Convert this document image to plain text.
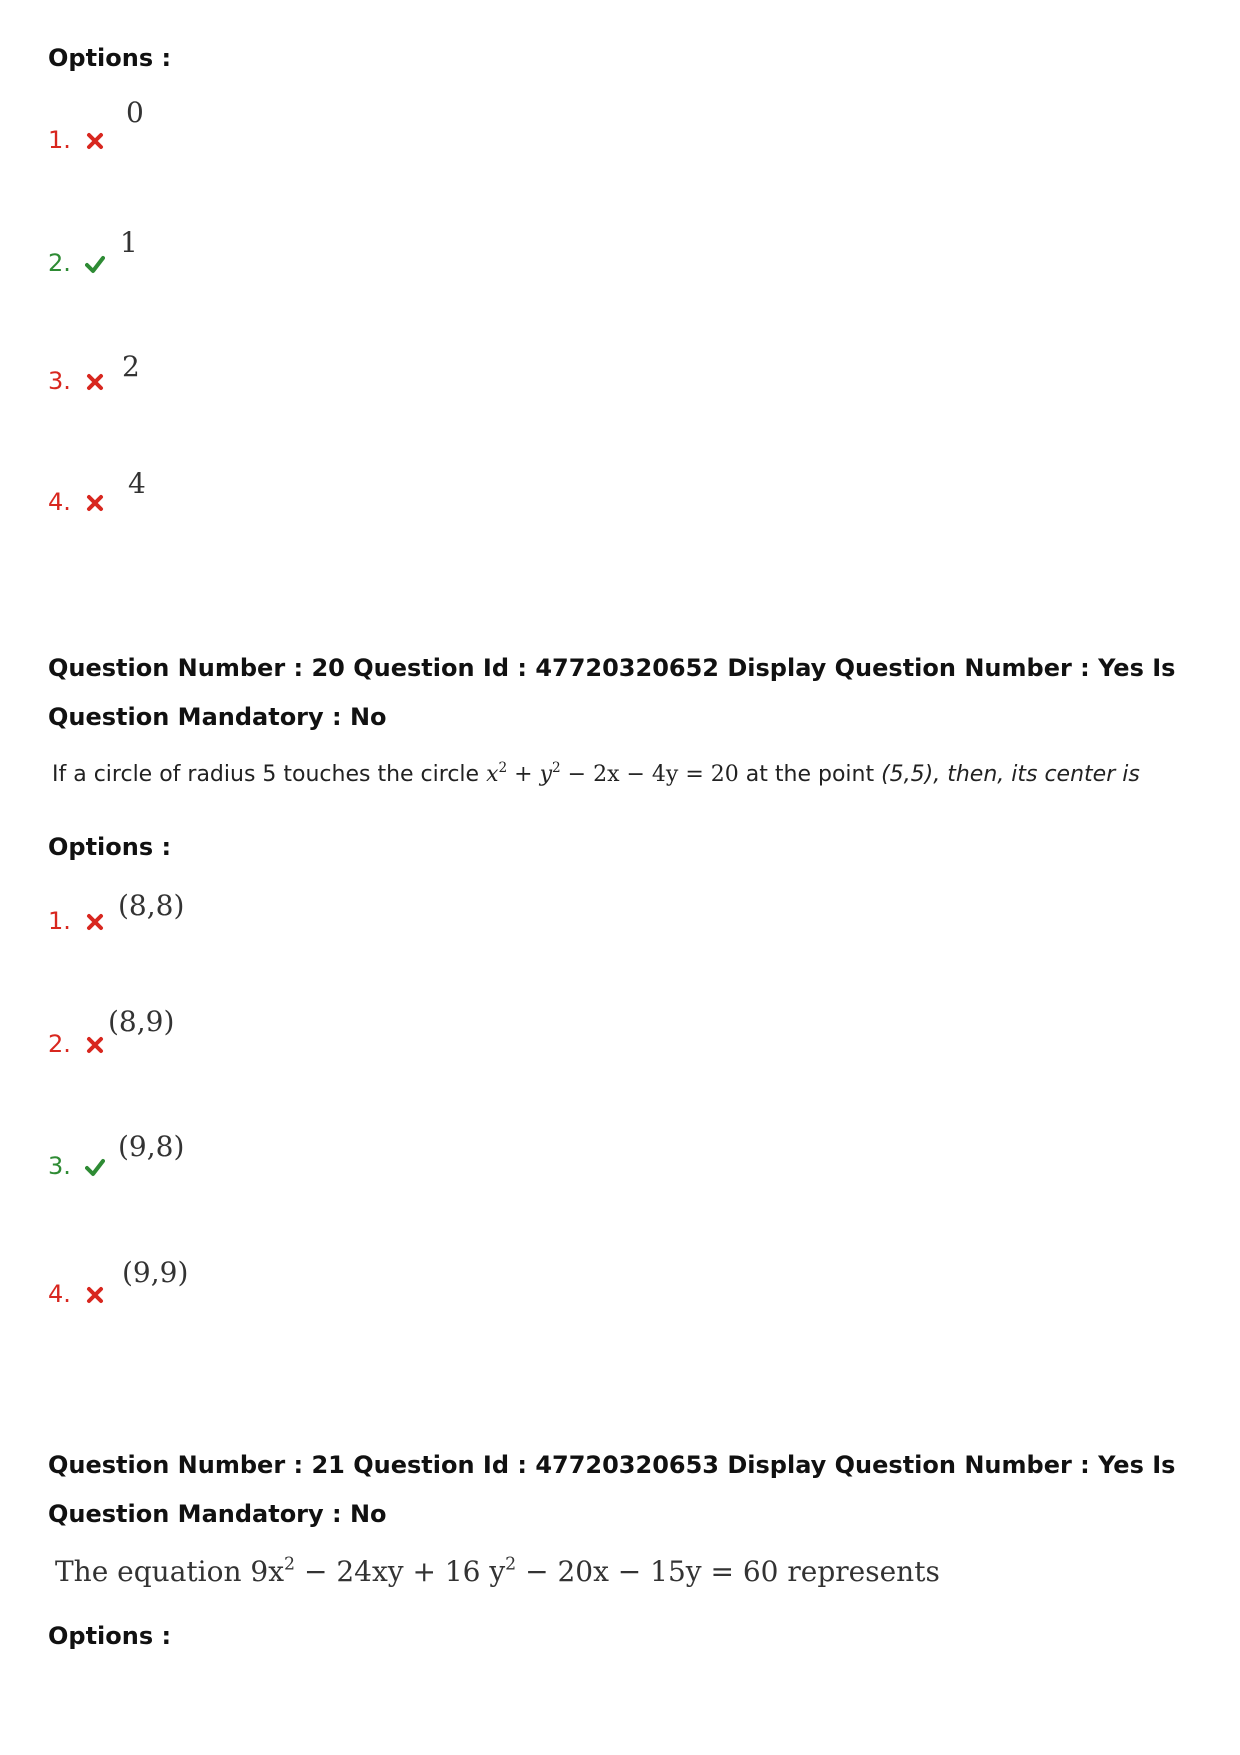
Options :
1.
0
2.
1
3.	2
4.
4
Question Number : 20 Question Id : 47720320652 Display Question Number : Yes Is Question Mandatory : No
If a circle of radius 5 touches the circle $x^2 + y^2 - 2x - 4y = 20$ at the point (5,5), then, its center is
Options :
1.	(8,8)
2.
(8,9)
3.
(9,8)
4.
(9,9)
Question Number : 21 Question Id : 47720320653 Display Question Number : Yes Is Question Mandatory : No
The equation $9x^2 - 24xy + 16$ $y^2 - 20x - 15y = 60$ represents
Options :
